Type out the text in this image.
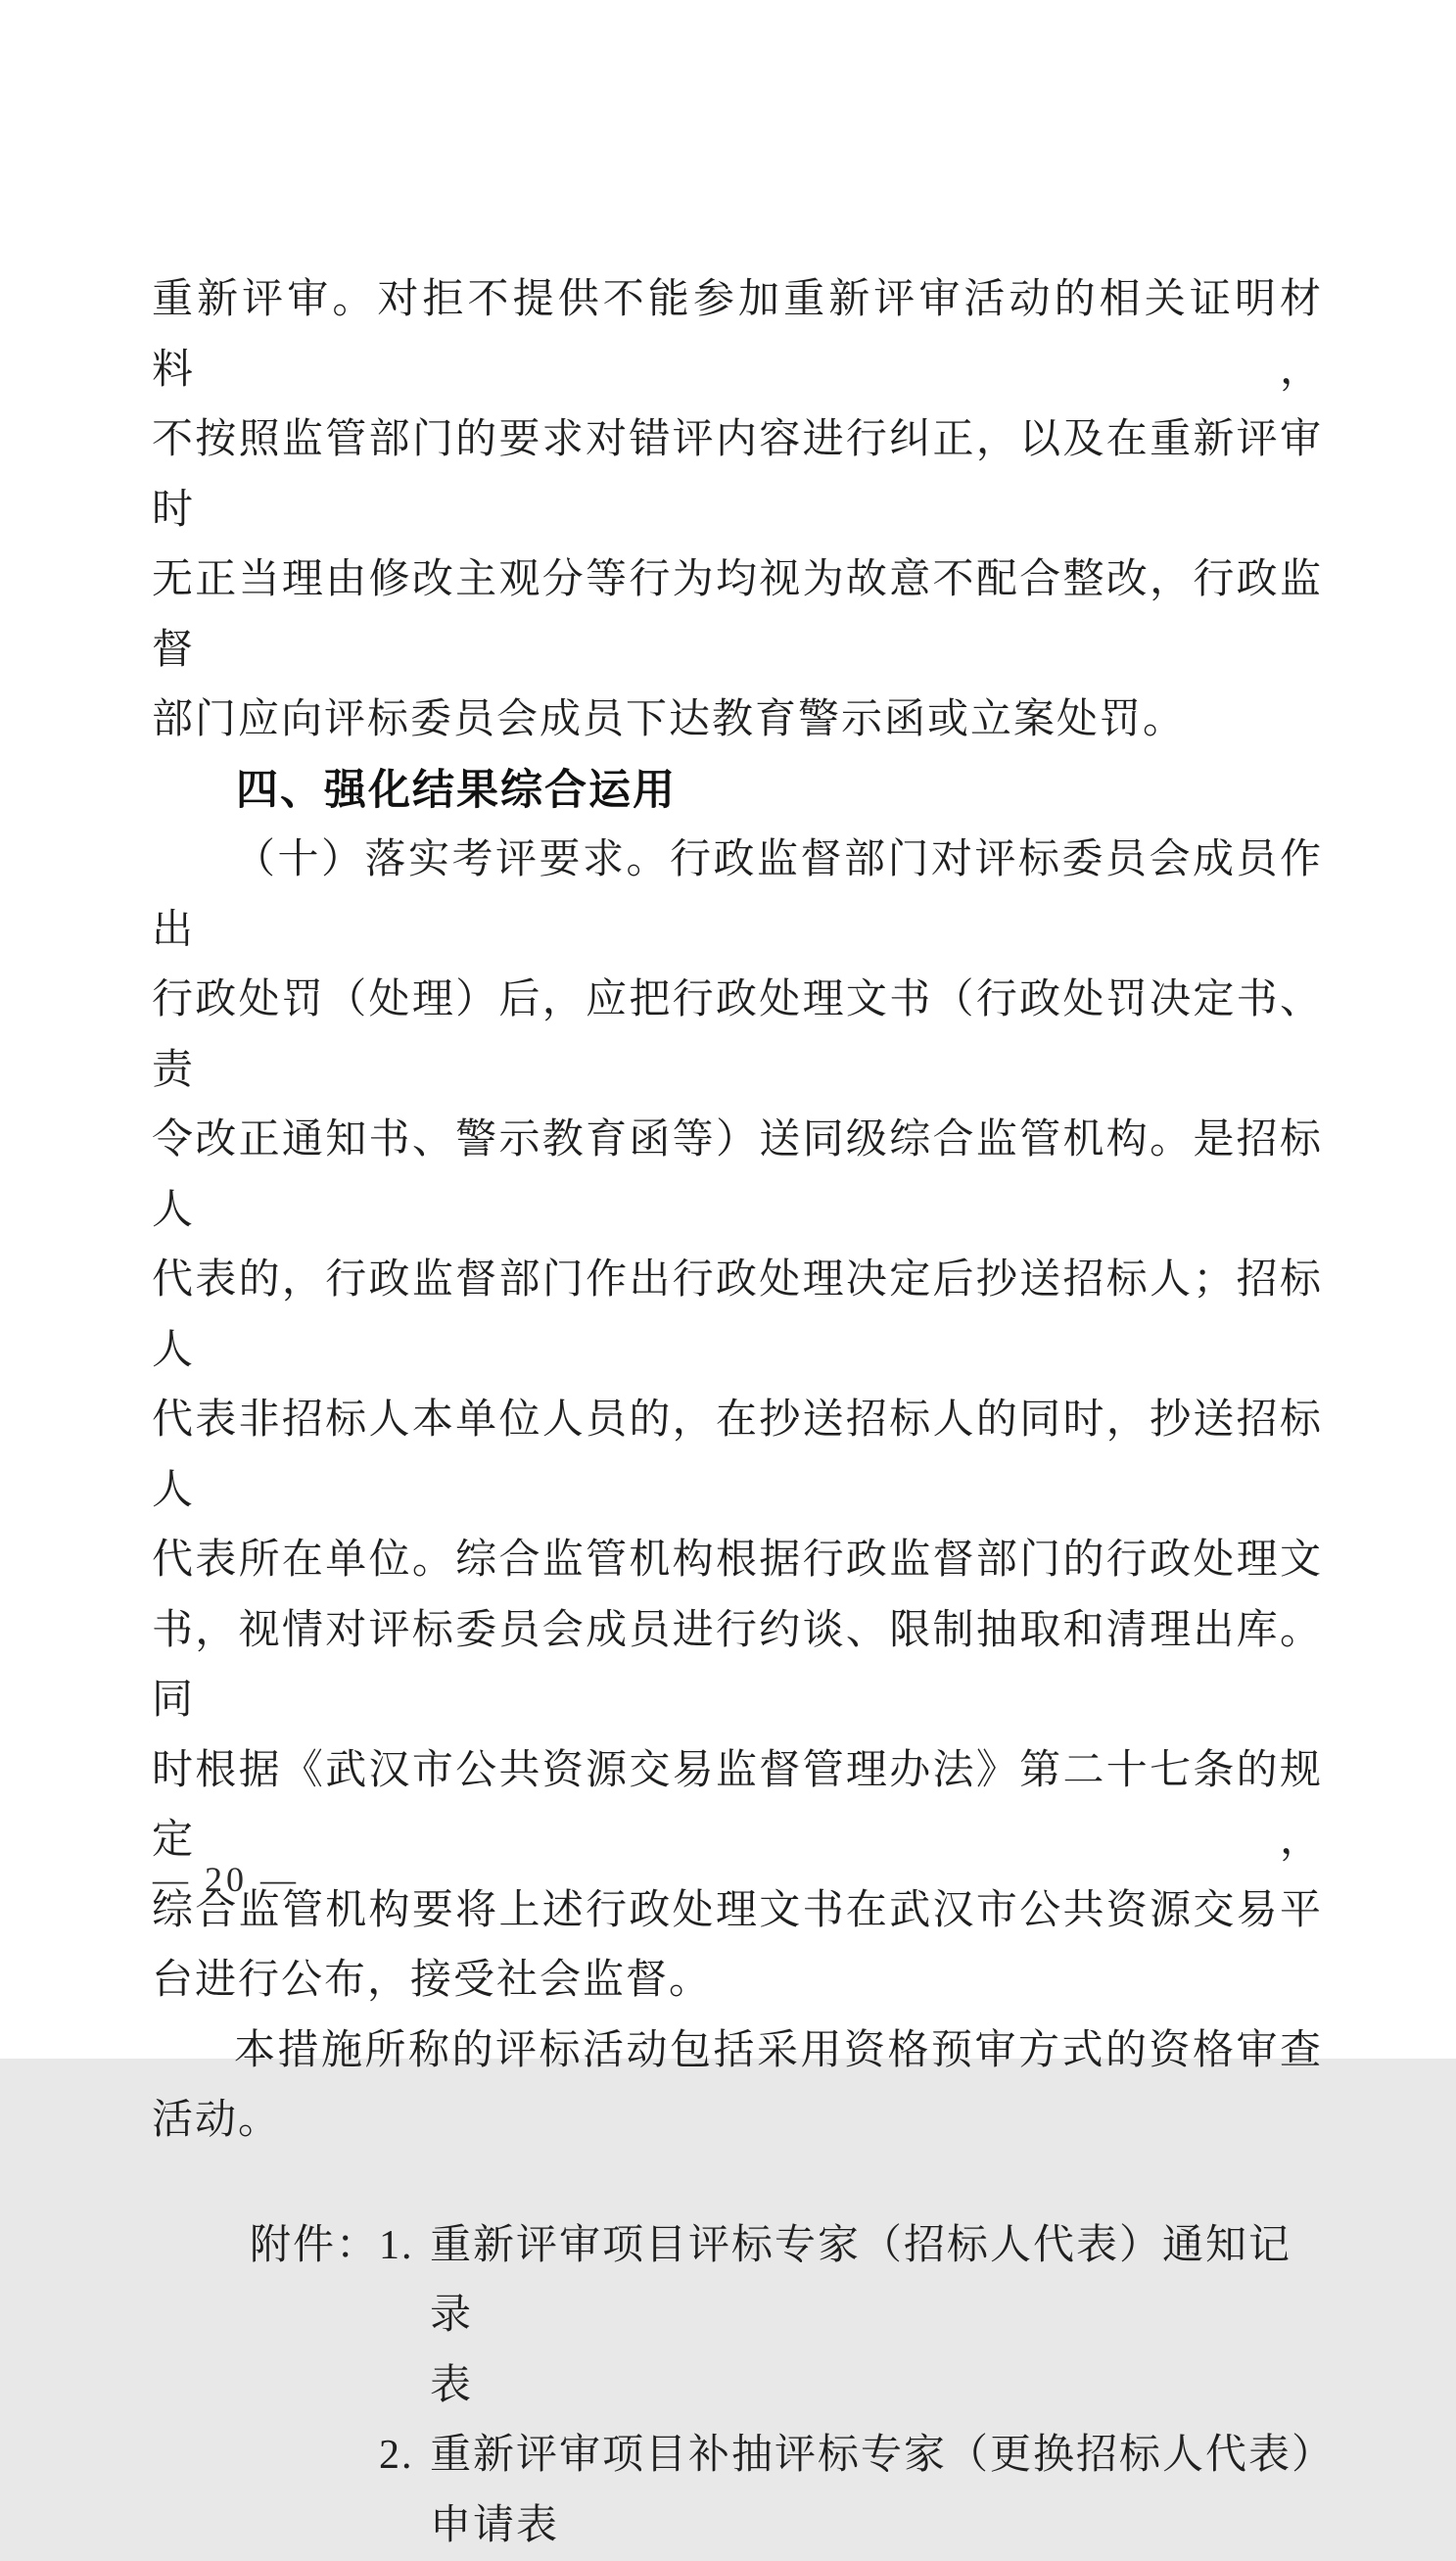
重新评审。对拒不提供不能参加重新评审活动的相关证明材料，
不按照监管部门的要求对错评内容进行纠正，以及在重新评审时
无正当理由修改主观分等行为均视为故意不配合整改，行政监督
部门应向评标委员会成员下达教育警示函或立案处罚。
四、强化结果综合运用
（十）落实考评要求。行政监督部门对评标委员会成员作出
行政处罚（处理）后，应把行政处理文书（行政处罚决定书、责
令改正通知书、警示教育函等）送同级综合监管机构。是招标人
代表的，行政监督部门作出行政处理决定后抄送招标人；招标人
代表非招标人本单位人员的，在抄送招标人的同时，抄送招标人
代表所在单位。综合监管机构根据行政监督部门的行政处理文
书，视情对评标委员会成员进行约谈、限制抽取和清理出库。同
时根据《武汉市公共资源交易监督管理办法》第二十七条的规定，
综合监管机构要将上述行政处理文书在武汉市公共资源交易平
台进行公布，接受社会监督。
本措施所称的评标活动包括采用资格预审方式的资格审查
活动。
附件： 1. 重新评审项目评标专家（招标人代表）通知记录
表
2. 重新评审项目补抽评标专家（更换招标人代表）
申请表
— 20 —
